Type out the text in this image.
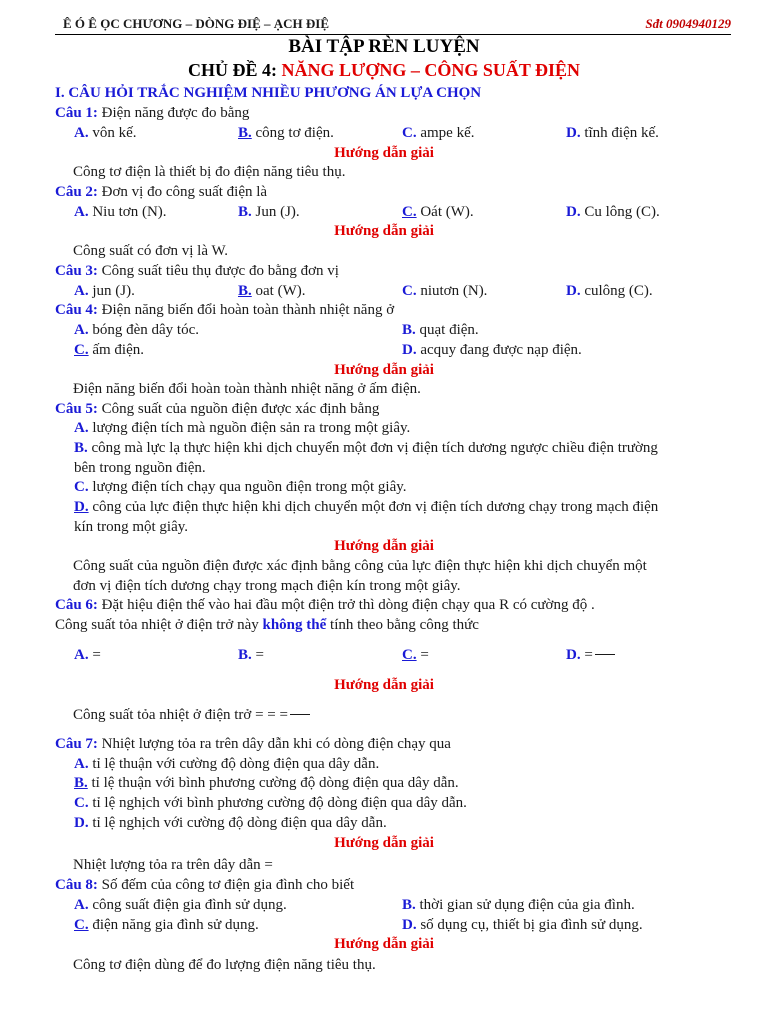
Ê Ó Ê ỌC CHƯƠNG – DÒNG ĐIỆ – ẠCH ĐIỆ	Sđt 0904940129
BÀI TẬP RÈN LUYỆN
CHỦ ĐỀ 4: NĂNG LƯỢNG – CÔNG SUẤT ĐIỆN
I. CÂU HỎI TRẮC NGHIỆM NHIỀU PHƯƠNG ÁN LỰA CHỌN
Câu 1: Điện năng được đo bằng
A. vôn kế.	B. công tơ điện.	C. ampe kế.	D. tĩnh điện kế.
Hướng dẫn giải
Công tơ điện là thiết bị đo điện năng tiêu thụ.
Câu 2: Đơn vị đo công suất điện là
A. Niu tơn (N).	B. Jun (J).	C. Oát (W).	D. Cu lông (C).
Hướng dẫn giải
Công suất có đơn vị là W.
Câu 3: Công suất tiêu thụ được đo bằng đơn vị
A. jun (J).	B. oat (W).	C. niutơn (N).	D. culông (C).
Câu 4: Điện năng biến đổi hoàn toàn thành nhiệt năng ở
A. bóng đèn dây tóc.	B. quạt điện.
C. ấm điện.	D. acquy đang được nạp điện.
Hướng dẫn giải
Điện năng biến đổi hoàn toàn thành nhiệt năng ở ấm điện.
Câu 5: Công suất của nguồn điện được xác định bằng
A. lượng điện tích mà nguồn điện sản ra trong một giây.
B. công mà lực lạ thực hiện khi dịch chuyển một đơn vị điện tích dương ngược chiều điện trường
bên trong nguồn điện.
C. lượng điện tích chạy qua nguồn điện trong một giây.
D. công của lực điện thực hiện khi dịch chuyển một đơn vị điện tích dương chạy trong mạch điện
kín trong một giây.
Hướng dẫn giải
Công suất của nguồn điện được xác định bằng công của lực điện thực hiện khi dịch chuyển một
đơn vị điện tích dương chạy trong mạch điện kín trong một giây.
Câu 6: Đặt hiệu điện thế vào hai đầu một điện trở thì dòng điện chạy qua R có cường độ .
Công suất tỏa nhiệt ở điện trở này không thể tính theo bằng công thức
A. =	B. =	C. =	D. =
Hướng dẫn giải
Công suất tỏa nhiệt ở điện trở = = =
Câu 7: Nhiệt lượng tỏa ra trên dây dẫn khi có dòng điện chạy qua
A. tỉ lệ thuận với cường độ dòng điện qua dây dẫn.
B. tỉ lệ thuận với bình phương cường độ dòng điện qua dây dẫn.
C. tỉ lệ nghịch với bình phương cường độ dòng điện qua dây dẫn.
D. tỉ lệ nghịch với cường độ dòng điện qua dây dẫn.
Nhiệt lượng tỏa ra trên dây dẫn =
Hướng dẫn giải
Câu 8: Số đếm của công tơ điện gia đình cho biết
A. công suất điện gia đình sử dụng.	B. thời gian sử dụng điện của gia đình.
C. điện năng gia đình sử dụng.	D. số dụng cụ, thiết bị gia đình sử dụng.
Hướng dẫn giải
Công tơ điện dùng để đo lượng điện năng tiêu thụ.
